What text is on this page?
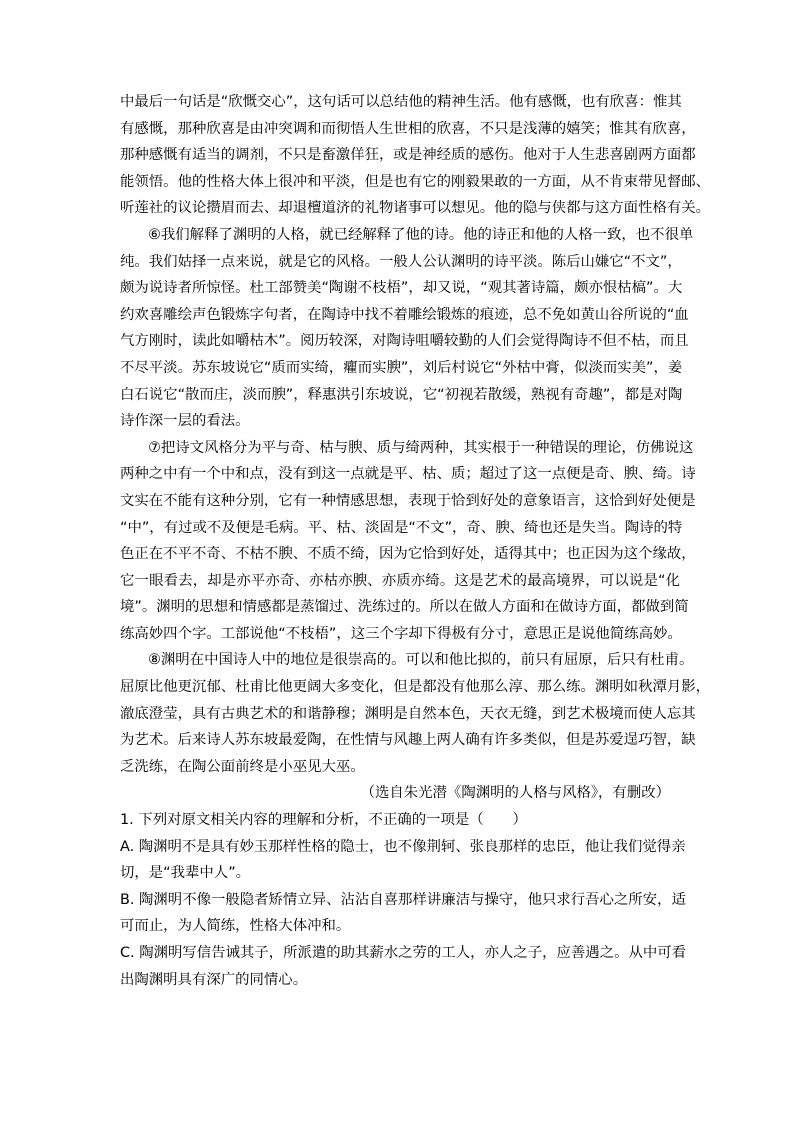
中最后一句话是“欣慨交心”，这句话可以总结他的精神生活。他有感慨，也有欣喜：惟其
有感慨，那种欣喜是由冲突调和而彻悟人生世相的欣喜，不只是浅薄的嬉笑；惟其有欣喜，
那种感慨有适当的调剂，不只是畜激佯狂，或是神经质的感伤。他对于人生悲喜剧两方面都
能领悟。他的性格大体上很冲和平淡，但是也有它的刚毅果敢的一方面，从不肯束带见督邮、
听莲社的议论攒眉而去、却退檀道济的礼物诸事可以想见。他的隐与侠都与这方面性格有关。
⑥我们解释了渊明的人格，就已经解释了他的诗。他的诗正和他的人格一致，也不很单
纯。我们姑择一点来说，就是它的风格。一般人公认渊明的诗平淡。陈后山嫌它“不文”，
颇为说诗者所惊怪。杜工部赞美“陶谢不枝梧”，却又说，“观其著诗篇，颇亦恨枯槁”。大
约欢喜雕绘声色锻炼字句者，在陶诗中找不着雕绘锻炼的痕迹，总不免如黄山谷所说的“血
气方刚时，读此如嚼枯木”。阅历较深，对陶诗咀嚼较勤的人们会觉得陶诗不但不枯，而且
不尽平淡。苏东坡说它“质而实绮，癯而实腴”，刘后村说它“外枯中膏，似淡而实美”，姜
白石说它“散而庄，淡而腴”，释惠洪引东坡说，它“初视若散缓，熟视有奇趣”，都是对陶
诗作深一层的看法。
⑦把诗文风格分为平与奇、枯与腴、质与绮两种，其实根于一种错误的理论，仿佛说这
两种之中有一个中和点，没有到这一点就是平、枯、质；超过了这一点便是奇、腴、绮。诗
文实在不能有这种分别，它有一种情感思想，表现于恰到好处的意象语言，这恰到好处便是
“中”，有过或不及便是毛病。平、枯、淡固是“不文”，奇、腴、绮也还是失当。陶诗的特
色正在不平不奇、不枯不腴、不质不绮，因为它恰到好处，适得其中；也正因为这个缘故，
它一眼看去，却是亦平亦奇、亦枯亦腴、亦质亦绮。这是艺术的最高境界，可以说是“化
境”。渊明的思想和情感都是蒸馏过、洗练过的。所以在做人方面和在做诗方面，都做到简
练高妙四个字。工部说他“不枝梧”，这三个字却下得极有分寸，意思正是说他简练高妙。
⑧渊明在中国诗人中的地位是很崇高的。可以和他比拟的，前只有屈原，后只有杜甫。
屈原比他更沉郁、杜甫比他更阔大多变化，但是都没有他那么淳、那么练。渊明如秋潭月影，
澈底澄莹，具有古典艺术的和谐静穆；渊明是自然本色，天衣无缝，到艺术极境而使人忘其
为艺术。后来诗人苏东坡最爱陶，在性情与风趣上两人确有许多类似，但是苏爱逞巧智，缺
乏洗练，在陶公面前终是小巫见大巫。
（选自朱光潜《陶渊明的人格与风格》，有删改）
1. 下列对原文相关内容的理解和分析，不正确的一项是（　　）
A. 陶渊明不是具有妙玉那样性格的隐士，也不像荆轲、张良那样的忠臣，他让我们觉得亲
切，是“我辈中人”。
B. 陶渊明不像一般隐者矫情立异、沾沾自喜那样讲廉洁与操守，他只求行吾心之所安，适
可而止，为人简练，性格大体冲和。
C. 陶渊明写信告诫其子，所派遣的助其薪水之劳的工人，亦人之子，应善遇之。从中可看
出陶渊明具有深广的同情心。
